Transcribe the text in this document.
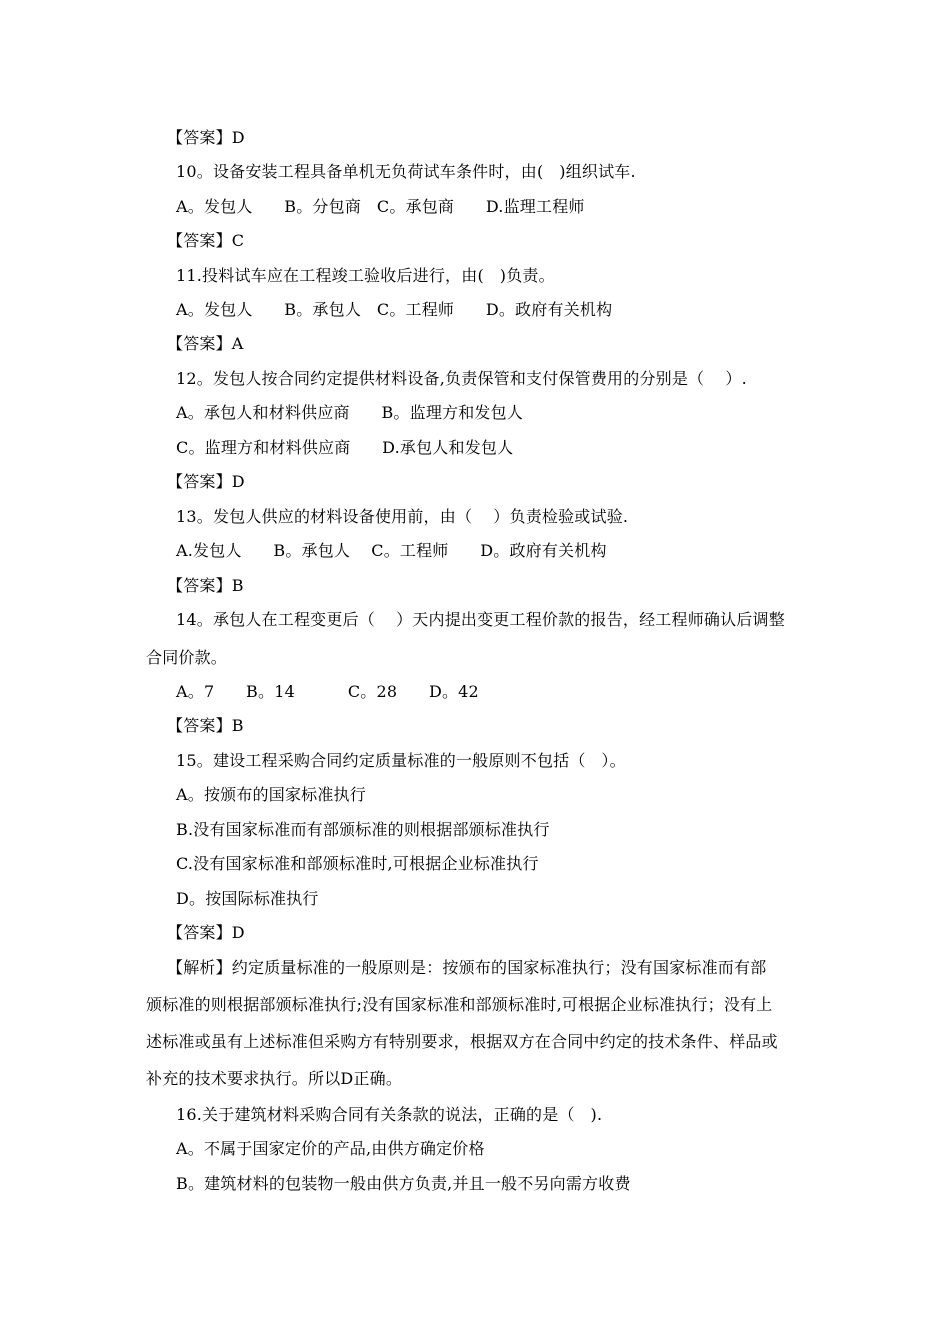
【答案】D
10。设备安装工程具备单机无负荷试车条件时，由(   )组织试车.
A。发包人      B。分包商   C。承包商      D.监理工程师
【答案】C
11.投料试车应在工程竣工验收后进行，由(   )负责。
A。发包人      B。承包人   C。工程师      D。政府有关机构
【答案】A
12。发包人按合同约定提供材料设备,负责保管和支付保管费用的分别是（    ）.
A。承包人和材料供应商      B。监理方和发包人
C。监理方和材料供应商      D.承包人和发包人
【答案】D
13。发包人供应的材料设备使用前，由（    ）负责检验或试验.
A.发包人      B。承包人    C。工程师      D。政府有关机构
【答案】B
14。承包人在工程变更后（    ）天内提出变更工程价款的报告，经工程师确认后调整
合同价款。
A。7      B。14          C。28      D。42
【答案】B
15。建设工程采购合同约定质量标准的一般原则不包括（   ）。
A。按颁布的国家标准执行
B.没有国家标准而有部颁标准的则根据部颁标准执行
C.没有国家标准和部颁标准时,可根据企业标准执行
D。按国际标准执行
【答案】D
【解析】约定质量标准的一般原则是：按颁布的国家标准执行；没有国家标准而有部
颁标准的则根据部颁标准执行;没有国家标准和部颁标准时,可根据企业标准执行；没有上
述标准或虽有上述标准但采购方有特别要求，根据双方在合同中约定的技术条件、样品或
补充的技术要求执行。所以D正确。
16.关于建筑材料采购合同有关条款的说法，正确的是（   ).
A。不属于国家定价的产品,由供方确定价格
B。建筑材料的包装物一般由供方负责,并且一般不另向需方收费
